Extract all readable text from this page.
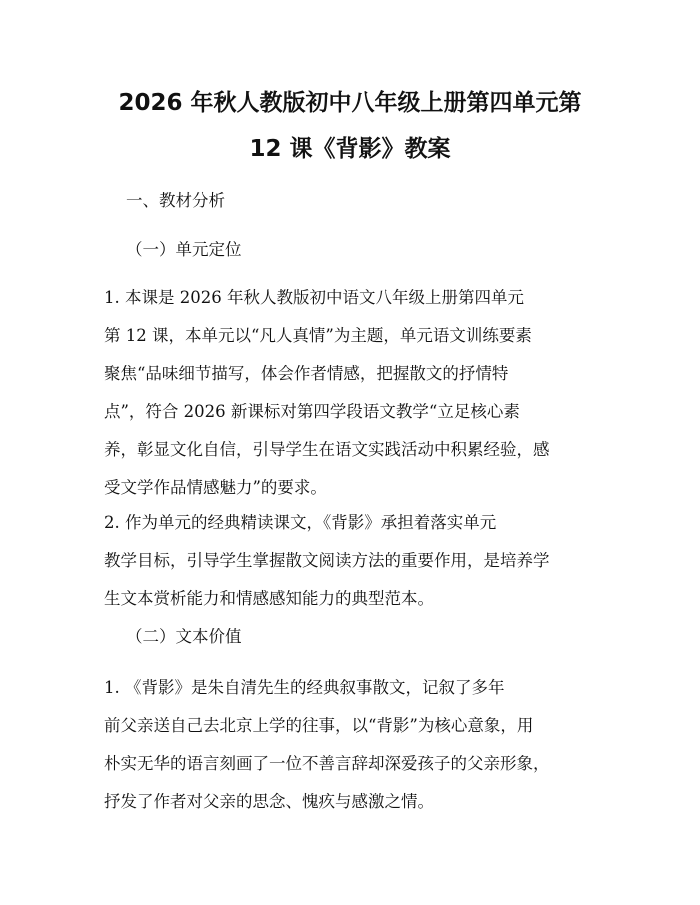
2026 年秋人教版初中八年级上册第四单元第
12 课《背影》教案

一、教材分析

（一）单元定位

1. 本课是 2026 年秋人教版初中语文八年级上册第四单元

第 12 课，本单元以“凡人真情”为主题，单元语文训练要素

聚焦“品味细节描写，体会作者情感，把握散文的抒情特

点”，符合 2026 新课标对第四学段语文教学“立足核心素

养，彰显文化自信，引导学生在语文实践活动中积累经验，感

受文学作品情感魅力”的要求。

2. 作为单元的经典精读课文，《背影》承担着落实单元

教学目标，引导学生掌握散文阅读方法的重要作用，是培养学

生文本赏析能力和情感感知能力的典型范本。

（二）文本价值

1. 《背影》是朱自清先生的经典叙事散文，记叙了多年

前父亲送自己去北京上学的往事，以“背影”为核心意象，用

朴实无华的语言刻画了一位不善言辞却深爱孩子的父亲形象，

抒发了作者对父亲的思念、愧疚与感激之情。
